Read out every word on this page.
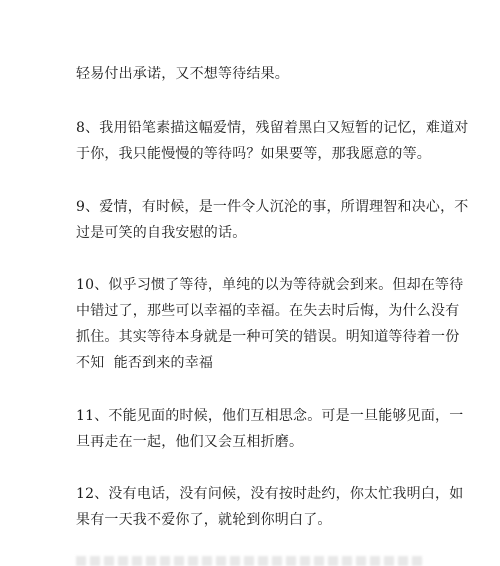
轻易付出承诺，又不想等待结果。

8、我用铅笔素描这幅爱情，残留着黑白又短暂的记忆，难道对
于你，我只能慢慢的等待吗？如果要等，那我愿意的等。

9、爱情，有时候，是一件令人沉沦的事，所谓理智和决心，不
过是可笑的自我安慰的话。

10、似乎习惯了等待，单纯的以为等待就会到来。但却在等待
中错过了，那些可以幸福的幸福。在失去时后悔，为什么没有
抓住。其实等待本身就是一种可笑的错误。明知道等待着一份
不知  能否到来的幸福

11、不能见面的时候，他们互相思念。可是一旦能够见面，一
旦再走在一起，他们又会互相折磨。

12、没有电话，没有问候，没有按时赴约，你太忙我明白，如
果有一天我不爱你了，就轮到你明白了。
